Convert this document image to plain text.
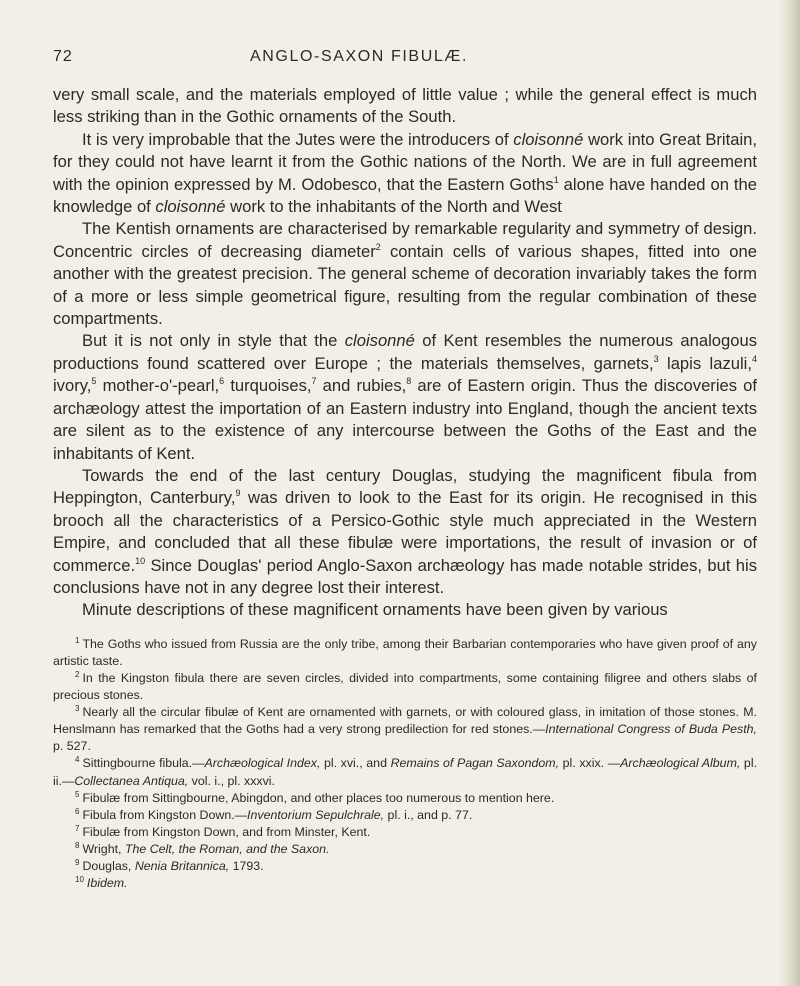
72	ANGLO-SAXON FIBULÆ.

very small scale, and the materials employed of little value ; while the general effect is much less striking than in the Gothic ornaments of the South.

It is very improbable that the Jutes were the introducers of cloisonné work into Great Britain, for they could not have learnt it from the Gothic nations of the North. We are in full agreement with the opinion expressed by M. Odobesco, that the Eastern Goths$^1$ alone have handed on the knowledge of cloisonné work to the inhabitants of the North and West

The Kentish ornaments are characterised by remarkable regularity and symmetry of design. Concentric circles of decreasing diameter$^2$ contain cells of various shapes, fitted into one another with the greatest precision. The general scheme of decoration invariably takes the form of a more or less simple geometrical figure, resulting from the regular combination of these compartments.

But it is not only in style that the cloisonné of Kent resembles the numerous analogous productions found scattered over Europe ; the materials themselves, garnets,$^3$ lapis lazuli,$^4$ ivory,$^5$ mother-o'-pearl,$^6$ turquoises,$^7$ and rubies,$^8$ are of Eastern origin. Thus the discoveries of archæology attest the importation of an Eastern industry into England, though the ancient texts are silent as to the existence of any intercourse between the Goths of the East and the inhabitants of Kent.

Towards the end of the last century Douglas, studying the magnificent fibula from Heppington, Canterbury,$^9$ was driven to look to the East for its origin. He recognised in this brooch all the characteristics of a Persico-Gothic style much appreciated in the Western Empire, and concluded that all these fibulæ were importations, the result of invasion or of commerce.$^{10}$ Since Douglas' period Anglo-Saxon archæology has made notable strides, but his conclusions have not in any degree lost their interest.

Minute descriptions of these magnificent ornaments have been given by various

$^1$ The Goths who issued from Russia are the only tribe, among their Barbarian contemporaries who have given proof of any artistic taste.

$^2$ In the Kingston fibula there are seven circles, divided into compartments, some containing filigree and others slabs of precious stones.

$^3$ Nearly all the circular fibulæ of Kent are ornamented with garnets, or with coloured glass, in imitation of those stones. M. Henslmann has remarked that the Goths had a very strong predilection for red stones.—International Congress of Buda Pesth, p. 527.

$^4$ Sittingbourne fibula.—Archæological Index, pl. xvi., and Remains of Pagan Saxondom, pl. xxix. —Archæological Album, pl. ii.—Collectanea Antiqua, vol. i., pl. xxxvi.

$^5$ Fibulæ from Sittingbourne, Abingdon, and other places too numerous to mention here.

$^6$ Fibula from Kingston Down.—Inventorium Sepulchrale, pl. i., and p. 77.

$^7$ Fibulæ from Kingston Down, and from Minster, Kent.

$^8$ Wright, The Celt, the Roman, and the Saxon.

$^9$ Douglas, Nenia Britannica, 1793.

$^{10}$ Ibidem.
